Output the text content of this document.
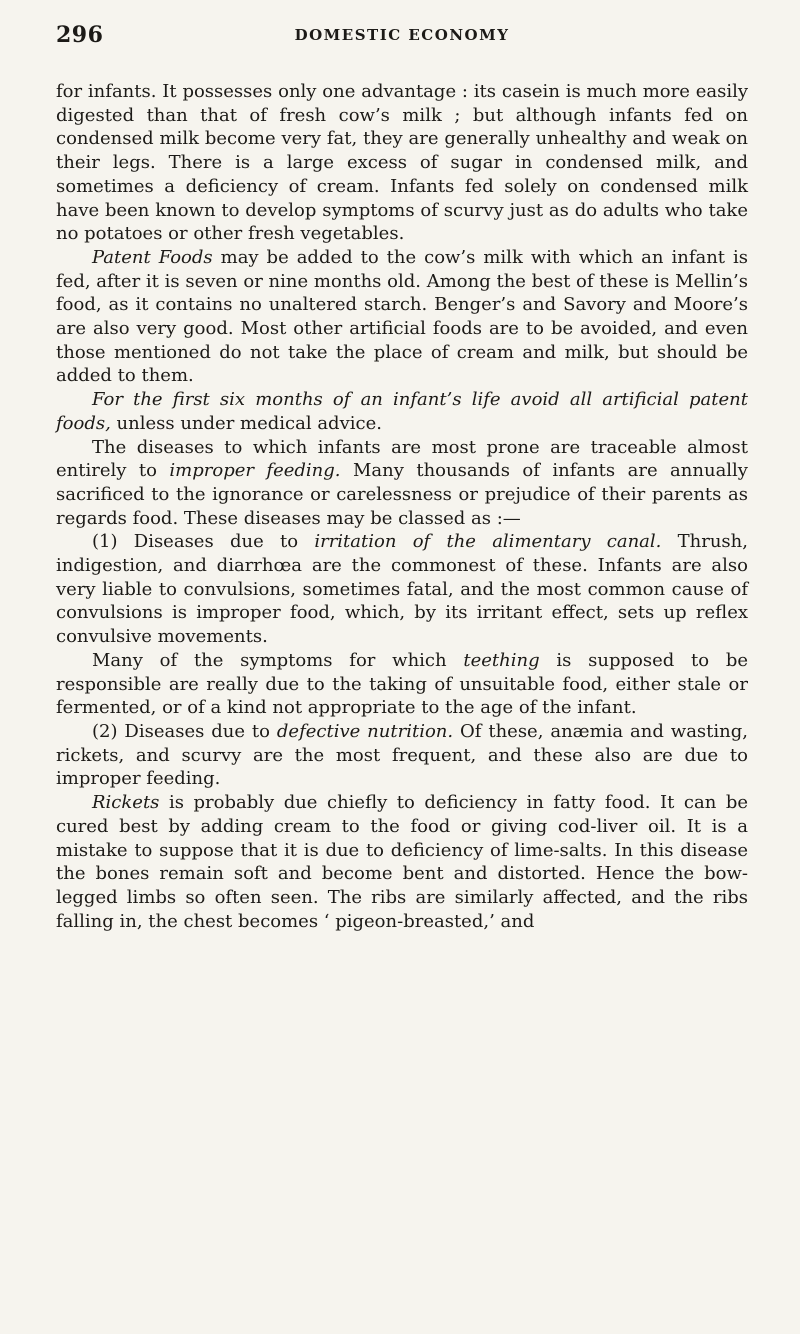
296	DOMESTIC ECONOMY

for infants. It possesses only one advantage : its casein is much more easily digested than that of fresh cow’s milk ; but although infants fed on condensed milk become very fat, they are generally unhealthy and weak on their legs. There is a large excess of sugar in condensed milk, and sometimes a deficiency of cream. Infants fed solely on condensed milk have been known to develop symptoms of scurvy just as do adults who take no potatoes or other fresh vegetables.

Patent Foods may be added to the cow’s milk with which an infant is fed, after it is seven or nine months old. Among the best of these is Mellin’s food, as it contains no unaltered starch. Benger’s and Savory and Moore’s are also very good. Most other artificial foods are to be avoided, and even those mentioned do not take the place of cream and milk, but should be added to them.

For the first six months of an infant’s life avoid all artificial patent foods, unless under medical advice.

The diseases to which infants are most prone are traceable almost entirely to improper feeding. Many thousands of infants are annually sacrificed to the ignorance or carelessness or prejudice of their parents as regards food. These diseases may be classed as :—

(1) Diseases due to irritation of the alimentary canal. Thrush, indigestion, and diarrhœa are the commonest of these. Infants are also very liable to convulsions, sometimes fatal, and the most common cause of convulsions is improper food, which, by its irritant effect, sets up reflex convulsive movements.

Many of the symptoms for which teething is supposed to be responsible are really due to the taking of unsuitable food, either stale or fermented, or of a kind not appropriate to the age of the infant.

(2) Diseases due to defective nutrition. Of these, anæmia and wasting, rickets, and scurvy are the most frequent, and these also are due to improper feeding.

Rickets is probably due chiefly to deficiency in fatty food. It can be cured best by adding cream to the food or giving cod-liver oil. It is a mistake to suppose that it is due to deficiency of lime-salts. In this disease the bones remain soft and become bent and distorted. Hence the bow-legged limbs so often seen. The ribs are similarly affected, and the ribs falling in, the chest becomes ‘ pigeon-breasted,’ and
